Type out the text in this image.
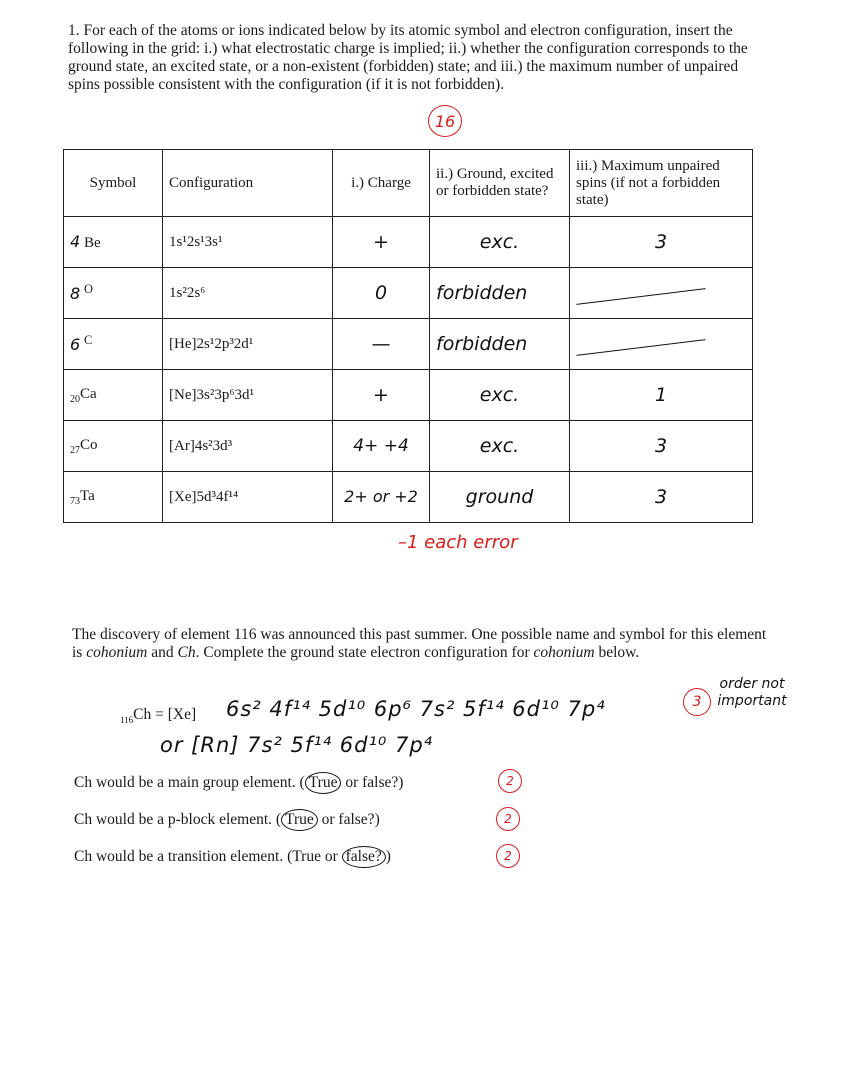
1. For each of the atoms or ions indicated below by its atomic symbol and electron configuration, insert the following in the grid: i.) what electrostatic charge is implied; ii.) whether the configuration corresponds to the ground state, an excited state, or a non-existent (forbidden) state; and iii.) the maximum number of unpaired spins possible consistent with the configuration (if it is not forbidden).
16
Symbol	Configuration	i.) Charge	ii.) Ground, excited or forbidden state?	iii.) Maximum unpaired spins (if not a forbidden state)
4 Be	1s¹2s¹3s¹	+	exc.	3
8 $^O$	1s²2s⁶	0	forbidden	
6 $^C$	[He]2s¹2p³2d¹	—	forbidden	
$_{20}$Ca	[Ne]3s²3p⁶3d¹	+	exc.	1
$_{27}$Co	[Ar]4s²3d³	4+ +4	exc.	3
$_{73}$Ta	[Xe]5d³4f¹⁴	2+ or +2	ground	3
–1 each error
The discovery of element 116 was announced this past summer. One possible name and symbol for this element is cohonium and Ch. Complete the ground state electron configuration for cohonium below.
$_{116}$Ch = [Xe] 6s² 4f¹⁴ 5d¹⁰ 6p⁶ 7s² 5f¹⁴ 6d¹⁰ 7p⁴
or [Rn] 7s² 5f¹⁴ 6d¹⁰ 7p⁴
3
order not important
Ch would be a main group element. ( True or false?)	2
Ch would be a p-block element. ( True or false?)	2
Ch would be a transition element. (True or false? )	2
